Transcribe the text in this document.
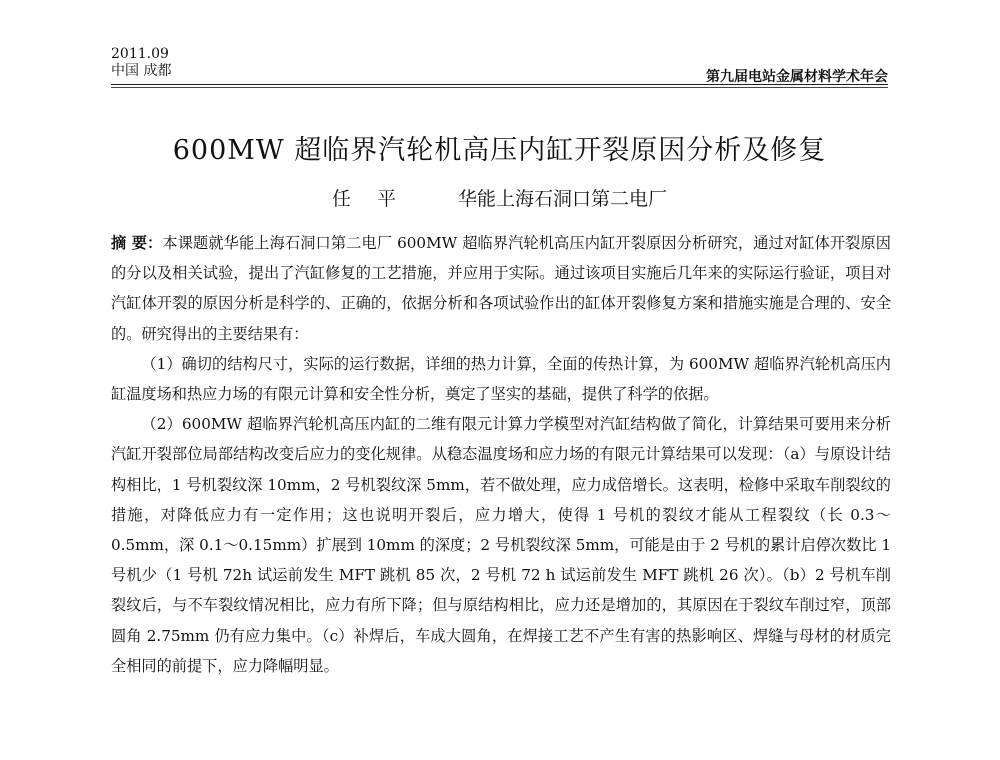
2011.09
中国 成都	第九届电站金属材料学术年会
600MW 超临界汽轮机高压内缸开裂原因分析及修复
任 平	华能上海石洞口第二电厂

摘 要：本课题就华能上海石洞口第二电厂 600MW 超临界汽轮机高压内缸开裂原因分析研究，通过对缸体开裂原因的分以及相关试验，提出了汽缸修复的工艺措施，并应用于实际。通过该项目实施后几年来的实际运行验证，项目对汽缸体开裂的原因分析是科学的、正确的，依据分析和各项试验作出的缸体开裂修复方案和措施实施是合理的、安全的。研究得出的主要结果有：

（1）确切的结构尺寸，实际的运行数据，详细的热力计算，全面的传热计算，为 600MW 超临界汽轮机高压内缸温度场和热应力场的有限元计算和安全性分析，奠定了坚实的基础，提供了科学的依据。

（2）600MW 超临界汽轮机高压内缸的二维有限元计算力学模型对汽缸结构做了简化，计算结果可要用来分析汽缸开裂部位局部结构改变后应力的变化规律。从稳态温度场和应力场的有限元计算结果可以发现：（a）与原设计结构相比，1 号机裂纹深 10mm，2 号机裂纹深 5mm，若不做处理，应力成倍增长。这表明，检修中采取车削裂纹的措施，对降低应力有一定作用；这也说明开裂后，应力增大，使得 1 号机的裂纹才能从工程裂纹（长 0.3～0.5mm，深 0.1～0.15mm）扩展到 10mm 的深度；2 号机裂纹深 5mm，可能是由于 2 号机的累计启停次数比 1 号机少（1 号机 72h 试运前发生 MFT 跳机 85 次，2 号机 72 h 试运前发生 MFT 跳机 26 次）。（b）2 号机车削裂纹后，与不车裂纹情况相比，应力有所下降；但与原结构相比，应力还是增加的，其原因在于裂纹车削过窄，顶部圆角 2.75mm 仍有应力集中。（c）补焊后，车成大圆角，在焊接工艺不产生有害的热影响区、焊缝与母材的材质完全相同的前提下，应力降幅明显。
